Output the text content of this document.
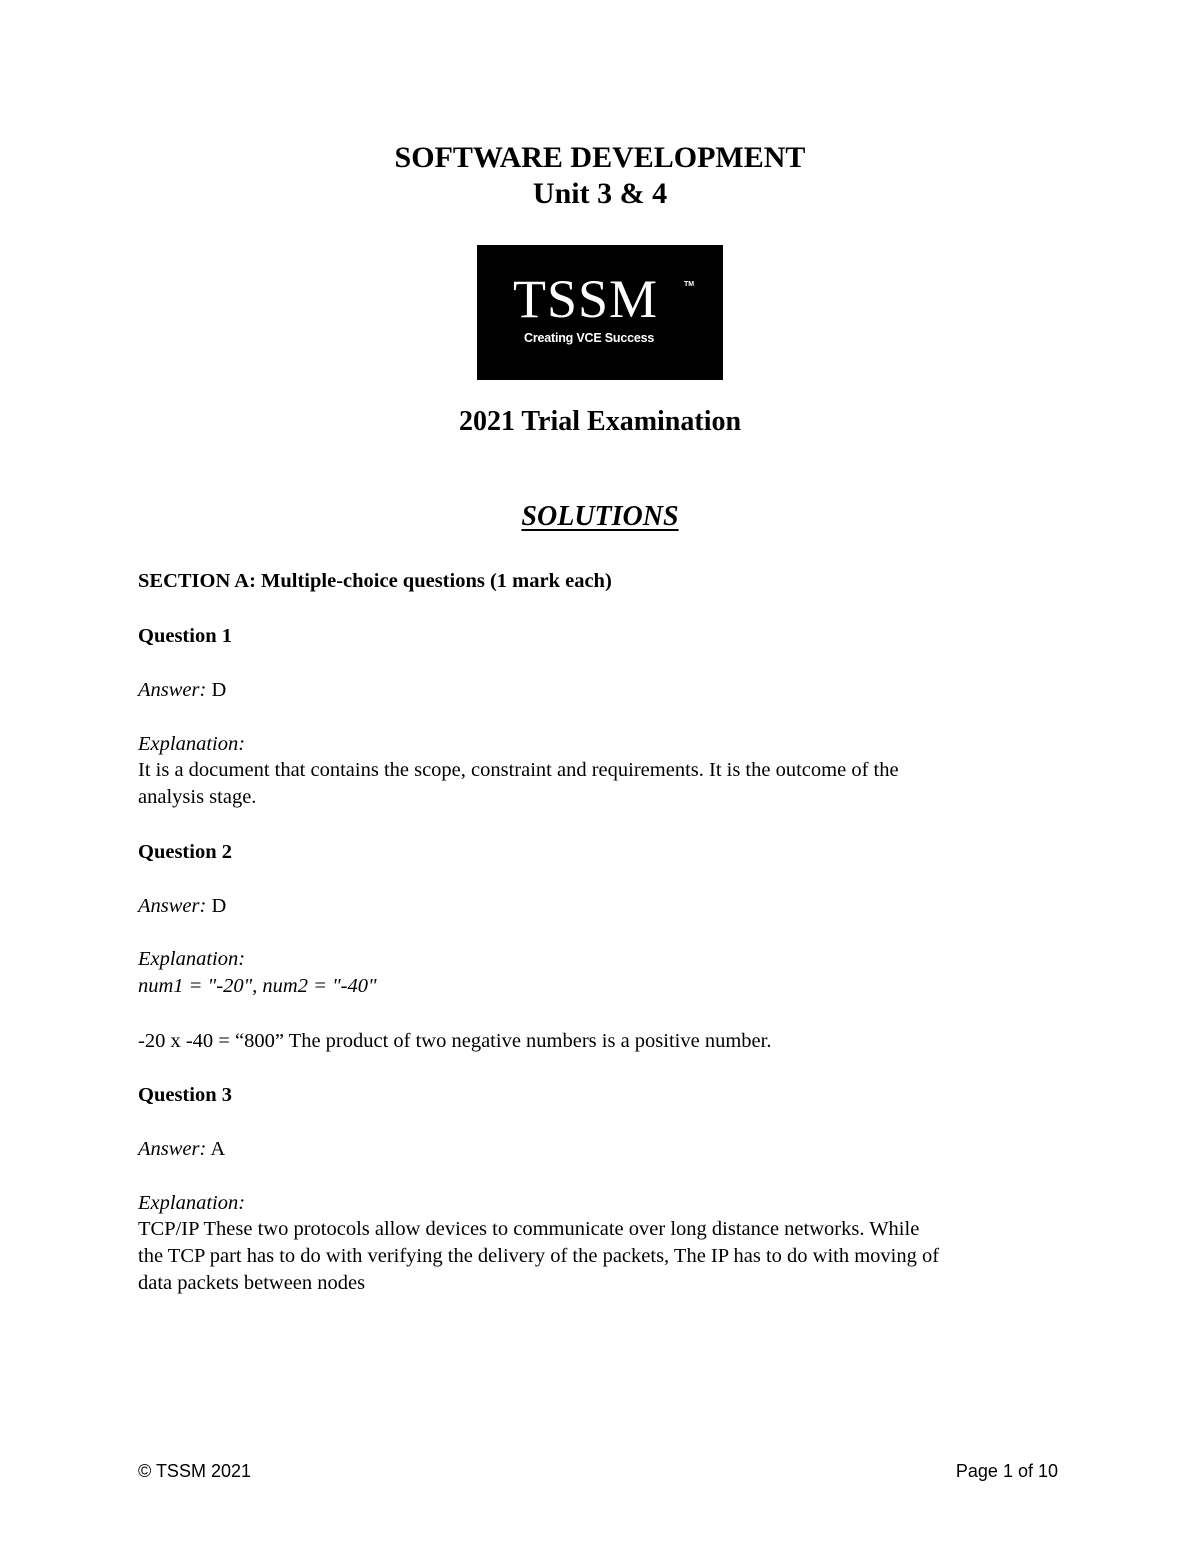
SOFTWARE DEVELOPMENT
Unit 3 & 4
TSSM	TM
Creating VCE Success
2021 Trial Examination
SOLUTIONS
SECTION A: Multiple-choice questions (1 mark each)
Question 1
Answer: D
Explanation:
It is a document that contains the scope, constraint and requirements. It is the outcome of the
analysis stage.
Question 2
Answer: D
Explanation:
num1 = "-20", num2 = "-40"
-20 x -40 = “800” The product of two negative numbers is a positive number.
Question 3
Answer: A
Explanation:
TCP/IP These two protocols allow devices to communicate over long distance networks. While
the TCP part has to do with verifying the delivery of the packets, The IP has to do with moving of
data packets between nodes
© TSSM 2021	Page 1 of 10
